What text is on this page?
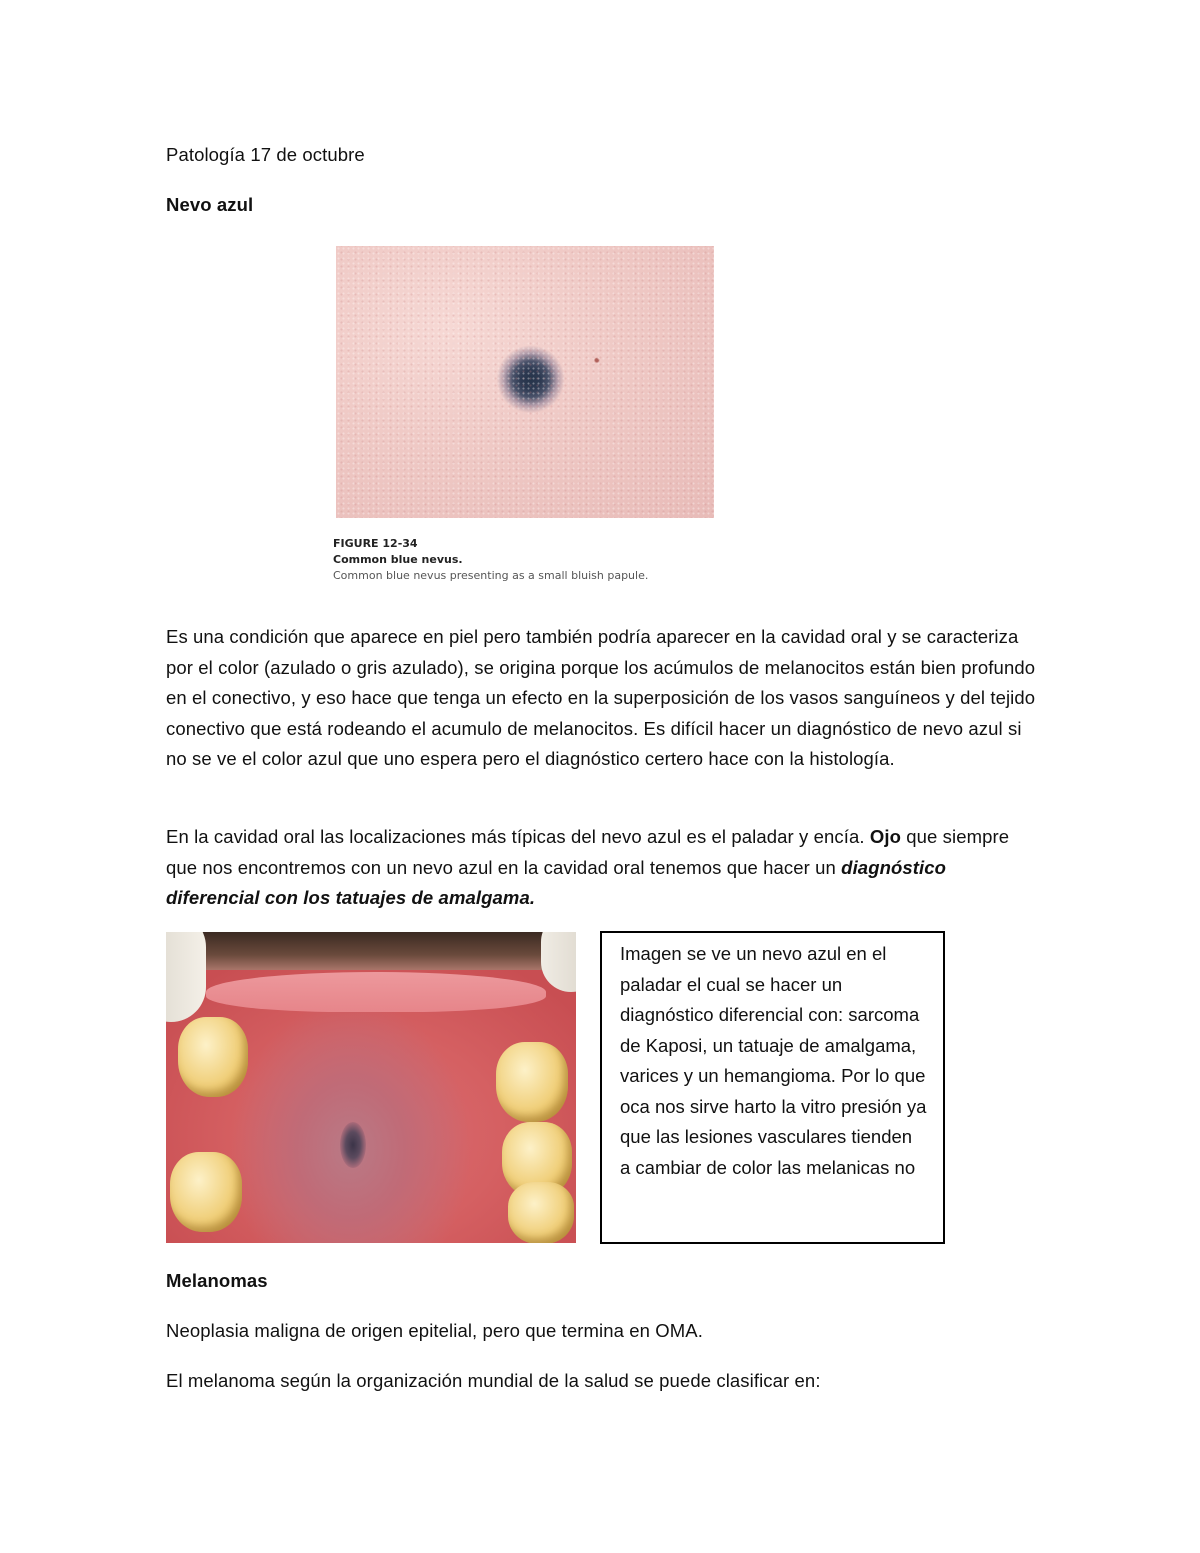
Patología 17 de octubre

Nevo azul

FIGURE 12-34
Common blue nevus.
Common blue nevus presenting as a small bluish papule.

Es una condición que aparece en piel pero también podría aparecer en la cavidad oral y se caracteriza por el color (azulado o gris azulado), se origina porque los acúmulos de melanocitos están bien profundo en el conectivo, y eso hace que tenga un efecto en la superposición de los vasos sanguíneos y del tejido conectivo que está rodeando el acumulo de melanocitos. Es difícil hacer un diagnóstico de nevo azul si no se ve el color azul que uno espera pero el diagnóstico certero hace con la histología.

En la cavidad oral las localizaciones más típicas del nevo azul es el paladar y encía. Ojo que siempre que nos encontremos con un nevo azul en la cavidad oral tenemos que hacer un diagnóstico diferencial con los tatuajes de amalgama.

Imagen se ve un nevo azul en el paladar el cual se hacer un diagnóstico diferencial con: sarcoma de Kaposi, un tatuaje de amalgama, varices y un hemangioma. Por lo que oca nos sirve harto la vitro presión ya que las lesiones vasculares tienden a cambiar de color las melanicas no

Melanomas

Neoplasia maligna de origen epitelial, pero que termina en OMA.

El melanoma según la organización mundial de la salud se puede clasificar en:
